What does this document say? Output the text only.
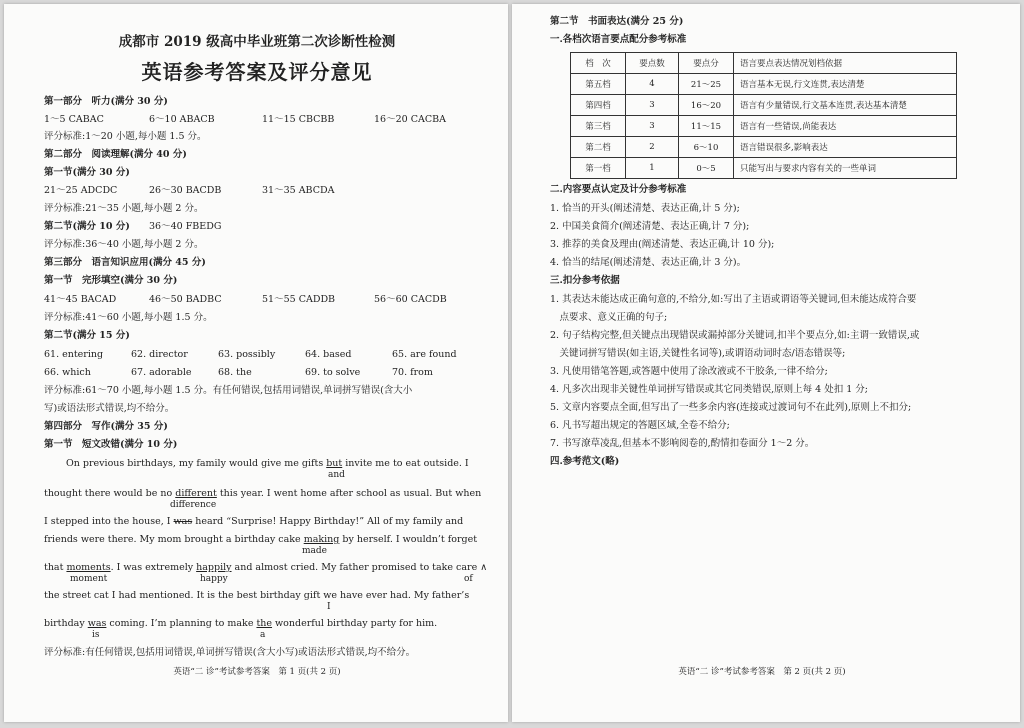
成都市 2019 级高中毕业班第二次诊断性检测
英语参考答案及评分意见
第一部分　听力(满分 30 分)
1～5 CABAC	6～10 ABACB	11～15 CBCBB	16～20 CACBA
评分标准:1～20 小题,每小题 1.5 分。
第二部分　阅读理解(满分 40 分)
第一节(满分 30 分)
21～25 ADCDC	26～30 BACDB	31～35 ABCDA
评分标准:21～35 小题,每小题 2 分。
第二节(满分 10 分) 36～40 FBEDG
评分标准:36～40 小题,每小题 2 分。
第三部分　语言知识应用(满分 45 分)
第一节　完形填空(满分 30 分)
41～45 BACAD	46～50 BADBC	51～55 CADDB	56～60 CACDB
评分标准:41～60 小题,每小题 1.5 分。
第二节(满分 15 分)
61. entering	62. director	63. possibly	64. based	65. are found
66. which	67. adorable	68. the	69. to solve	70. from
评分标准:61～70 小题,每小题 1.5 分。有任何错误,包括用词错误,单词拼写错误(含大小
写)或语法形式错误,均不给分。
第四部分　写作(满分 35 分)
第一节　短文改错(满分 10 分)
On previous birthdays, my family would give me gifts but invite me to eat outside. I
and
thought there would be no different this year. I went home after school as usual. But when
difference
I stepped into the house, I was heard “Surprise! Happy Birthday!” All of my family and
friends were there. My mom brought a birthday cake making by herself. I wouldn’t forget
made
that moments. I was extremely happily and almost cried. My father promised to take care ∧
moment	happy	of
the street cat I had mentioned. It is the best birthday gift we have ever had. My father’s
I
birthday was coming. I’m planning to make the wonderful birthday party for him.
is	a
评分标准:有任何错误,包括用词错误,单词拼写错误(含大小写)或语法形式错误,均不给分。
英语“二 诊”考试参考答案　第 1 页(共 2 页)
第二节　书面表达(满分 25 分)
一.各档次语言要点配分参考标准
档　次	要点数	要点分	语言要点表达情况划档依据
第五档	4	21～25	语言基本无误,行文连贯,表达清楚
第四档	3	16～20	语言有少量错误,行文基本连贯,表达基本清楚
第三档	3	11～15	语言有一些错误,尚能表达
第二档	2	6～10	语言错误很多,影响表达
第一档	1	0～5	只能写出与要求内容有关的一些单词
二.内容要点认定及计分参考标准
1. 恰当的开头(阐述清楚、表达正确,计 5 分);
2. 中国美食简介(阐述清楚、表达正确,计 7 分);
3. 推荐的美食及理由(阐述清楚、表达正确,计 10 分);
4. 恰当的结尾(阐述清楚、表达正确,计 3 分)。
三.扣分参考依据
1. 其表达未能达成正确句意的,不给分,如:写出了主语或谓语等关键词,但未能达成符合要
　点要求、意义正确的句子;
2. 句子结构完整,但关键点出现错误或漏掉部分关键词,扣半个要点分,如:主谓一致错误,或
　关键词拼写错误(如主语,关键性名词等),或谓语动词时态/语态错误等;
3. 凡使用错笔答题,或答题中使用了涂改液或不干胶条,一律不给分;
4. 凡多次出现非关键性单词拼写错误或其它同类错误,原则上每 4 处扣 1 分;
5. 文章内容要点全面,但写出了一些多余内容(连接或过渡词句不在此列),原则上不扣分;
6. 凡书写超出规定的答题区域,全卷不给分;
7. 书写潦草凌乱,但基本不影响阅卷的,酌情扣卷面分 1～2 分。
四.参考范文(略)
英语“二 诊”考试参考答案　第 2 页(共 2 页)
